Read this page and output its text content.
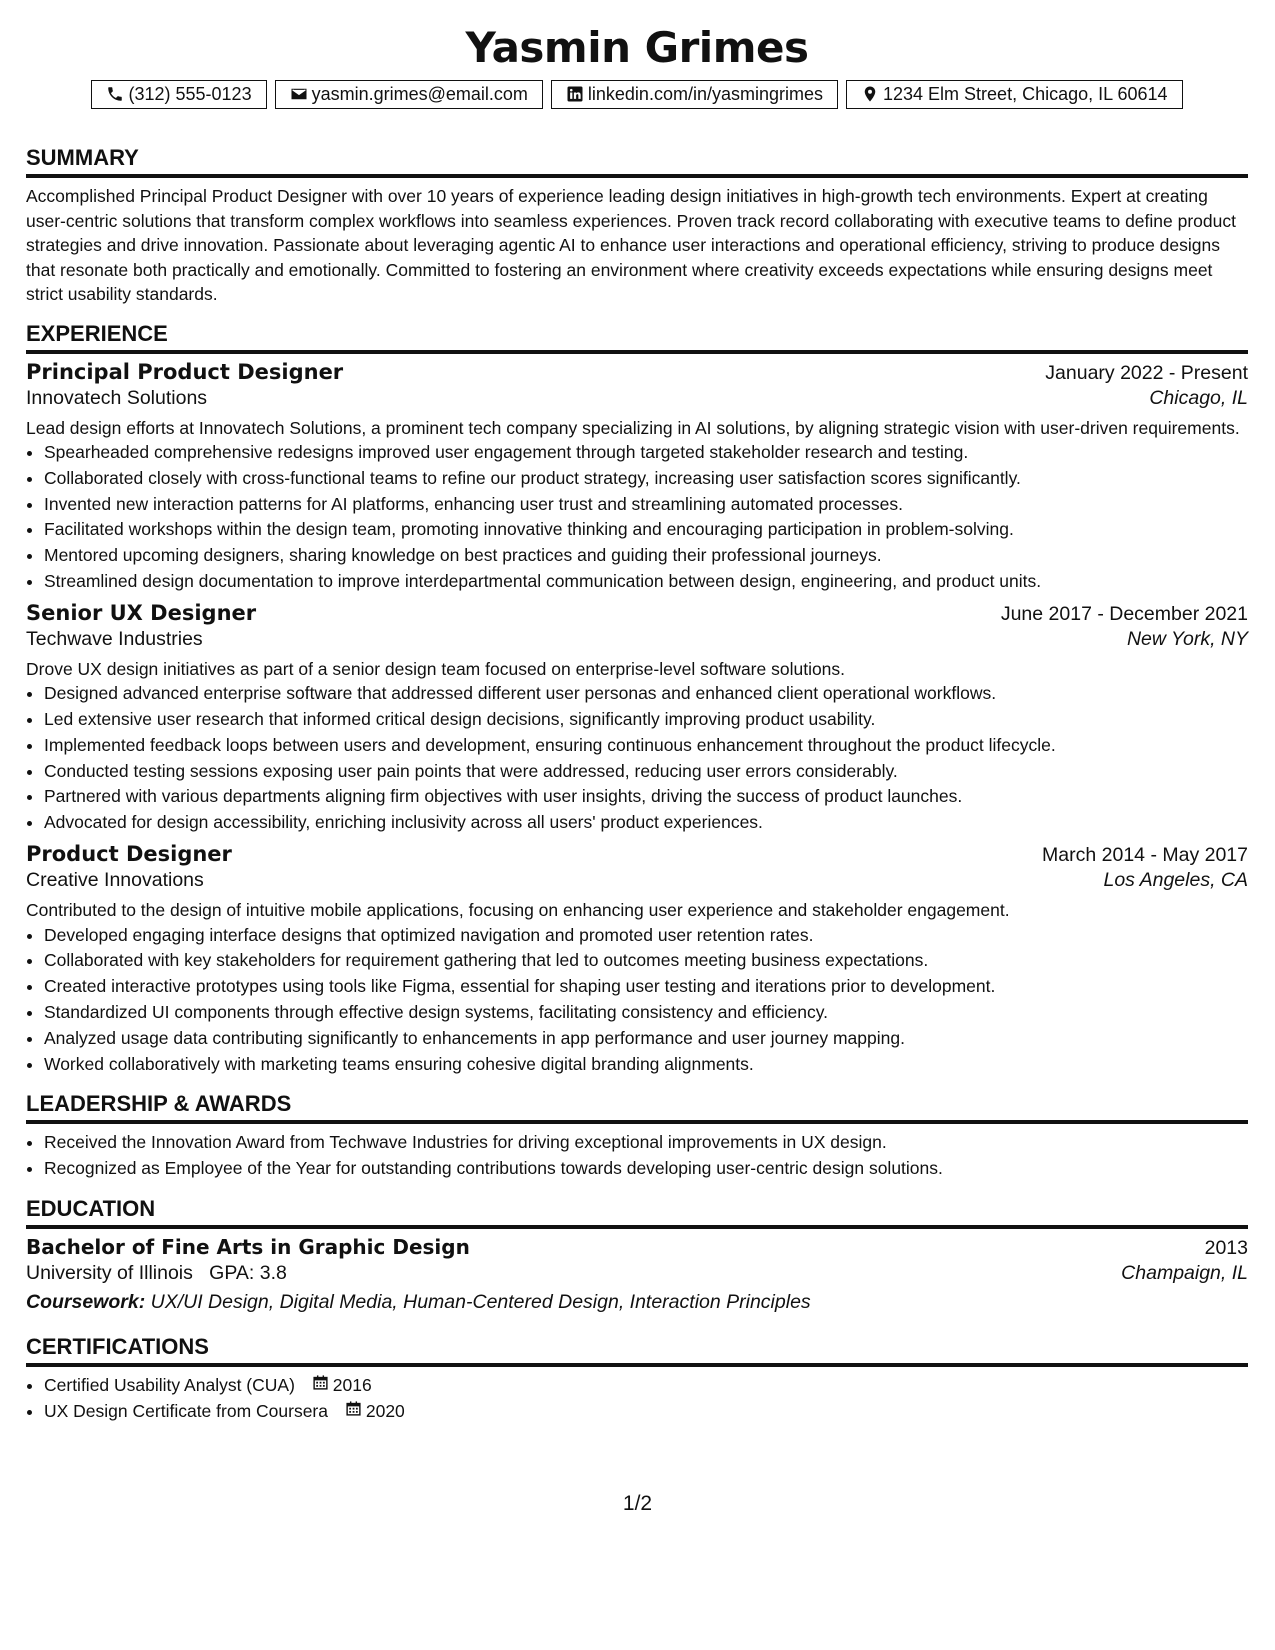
Yasmin Grimes
(312) 555-0123	yasmin.grimes@email.com	linkedin.com/in/yasmingrimes	1234 Elm Street, Chicago, IL 60614
SUMMARY

Accomplished Principal Product Designer with over 10 years of experience leading design initiatives in high-growth tech environments. Expert at creating user-centric solutions that transform complex workflows into seamless experiences. Proven track record collaborating with executive teams to define product strategies and drive innovation. Passionate about leveraging agentic AI to enhance user interactions and operational efficiency, striving to produce designs that resonate both practically and emotionally. Committed to fostering an environment where creativity exceeds expectations while ensuring designs meet strict usability standards.

EXPERIENCE
Principal Product Designer	January 2022 - Present
Innovatech Solutions	Chicago, IL

Lead design efforts at Innovatech Solutions, a prominent tech company specializing in AI solutions, by aligning strategic vision with user-driven requirements.

• Spearheaded comprehensive redesigns improved user engagement through targeted stakeholder research and testing.
• Collaborated closely with cross-functional teams to refine our product strategy, increasing user satisfaction scores significantly.
• Invented new interaction patterns for AI platforms, enhancing user trust and streamlining automated processes.
• Facilitated workshops within the design team, promoting innovative thinking and encouraging participation in problem-solving.
• Mentored upcoming designers, sharing knowledge on best practices and guiding their professional journeys.
• Streamlined design documentation to improve interdepartmental communication between design, engineering, and product units.
Senior UX Designer	June 2017 - December 2021
Techwave Industries	New York, NY

Drove UX design initiatives as part of a senior design team focused on enterprise-level software solutions.

• Designed advanced enterprise software that addressed different user personas and enhanced client operational workflows.
• Led extensive user research that informed critical design decisions, significantly improving product usability.
• Implemented feedback loops between users and development, ensuring continuous enhancement throughout the product lifecycle.
• Conducted testing sessions exposing user pain points that were addressed, reducing user errors considerably.
• Partnered with various departments aligning firm objectives with user insights, driving the success of product launches.
• Advocated for design accessibility, enriching inclusivity across all users' product experiences.
Product Designer	March 2014 - May 2017
Creative Innovations	Los Angeles, CA

Contributed to the design of intuitive mobile applications, focusing on enhancing user experience and stakeholder engagement.

• Developed engaging interface designs that optimized navigation and promoted user retention rates.
• Collaborated with key stakeholders for requirement gathering that led to outcomes meeting business expectations.
• Created interactive prototypes using tools like Figma, essential for shaping user testing and iterations prior to development.
• Standardized UI components through effective design systems, facilitating consistency and efficiency.
• Analyzed usage data contributing significantly to enhancements in app performance and user journey mapping.
• Worked collaboratively with marketing teams ensuring cohesive digital branding alignments.
LEADERSHIP & AWARDS
• Received the Innovation Award from Techwave Industries for driving exceptional improvements in UX design.
• Recognized as Employee of the Year for outstanding contributions towards developing user-centric design solutions.
EDUCATION
Bachelor of Fine Arts in Graphic Design	2013
University of Illinois GPA: 3.8	Champaign, IL
Coursework: UX/UI Design, Digital Media, Human-Centered Design, Interaction Principles
CERTIFICATIONS
• Certified Usability Analyst (CUA) 2016
• UX Design Certificate from Coursera 2020
1/2
